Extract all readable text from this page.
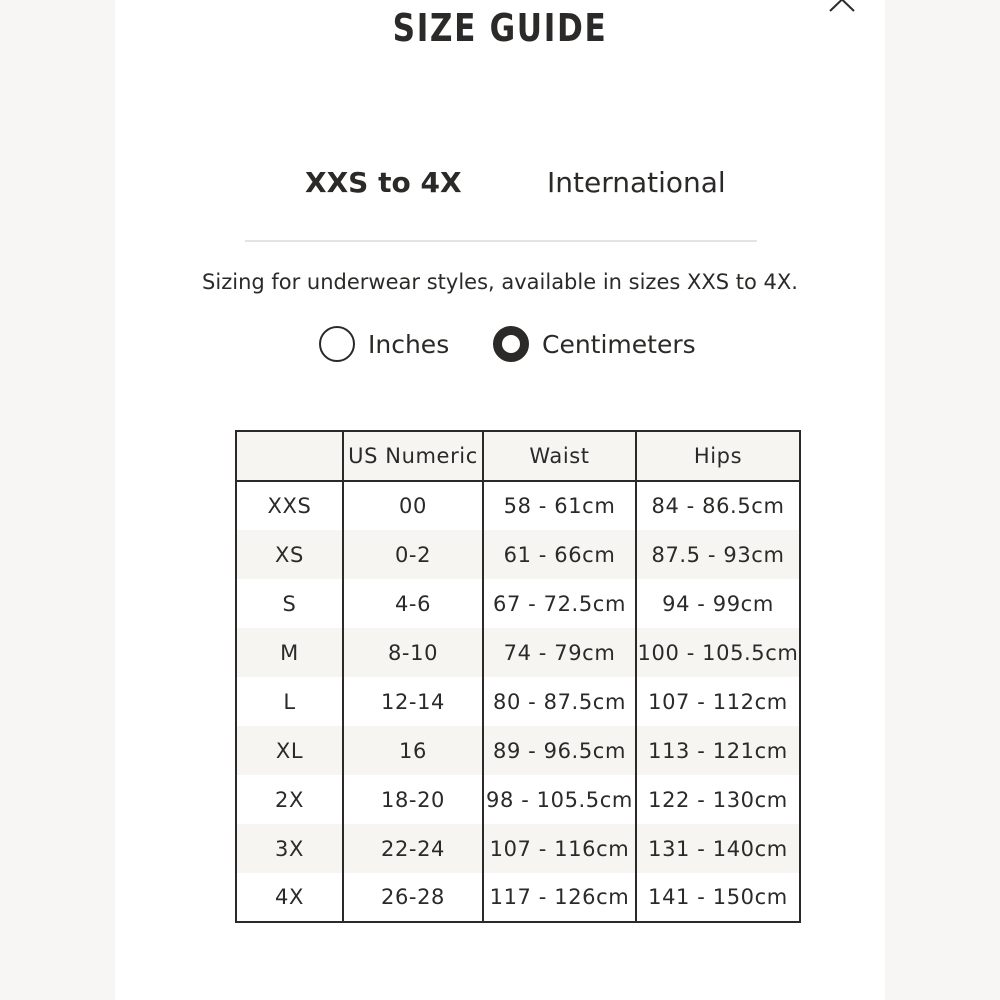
SIZE GUIDE
XXS to 4X	International

Sizing for underwear styles, available in sizes XXS to 4X.

Inches	Centimeters
	US Numeric	Waist	Hips
XXS	00	58 - 61cm	84 - 86.5cm
XS	0-2	61 - 66cm	87.5 - 93cm
S	4-6	67 - 72.5cm	94 - 99cm
M	8-10	74 - 79cm	100 - 105.5cm
L	12-14	80 - 87.5cm	107 - 112cm
XL	16	89 - 96.5cm	113 - 121cm
2X	18-20	98 - 105.5cm	122 - 130cm
3X	22-24	107 - 116cm	131 - 140cm
4X	26-28	117 - 126cm	141 - 150cm
